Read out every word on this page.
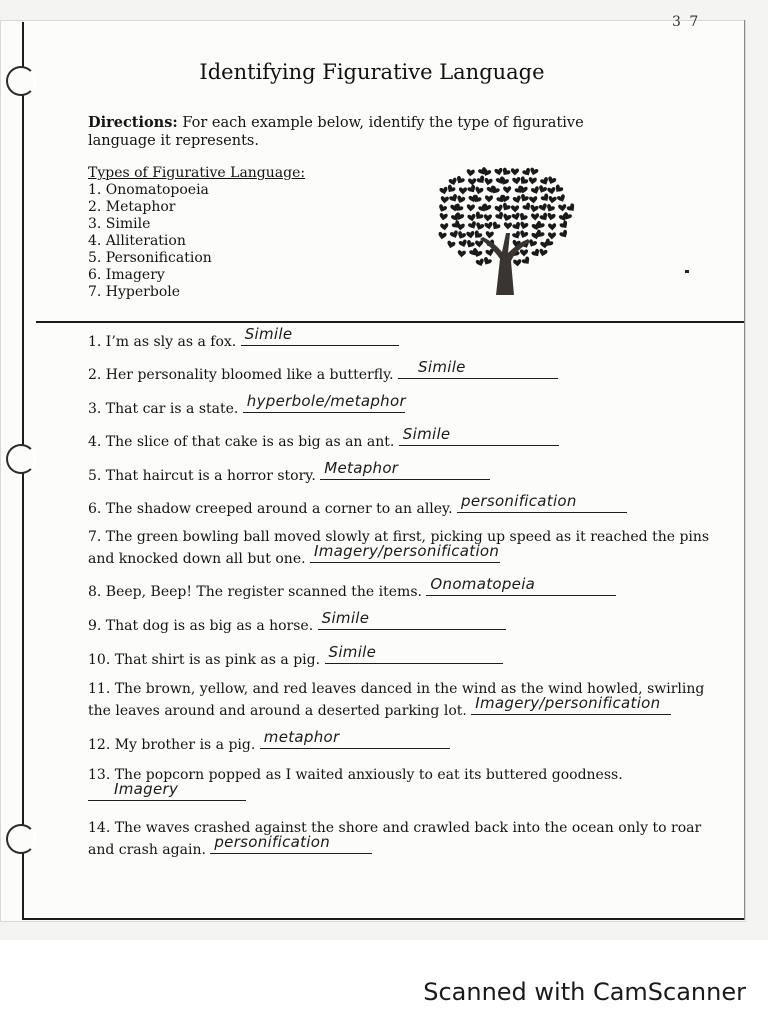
3 7
Identifying Figurative Language
Directions: For each example below, identify the type of figurative language it represents.
Types of Figurative Language:
1. Onomatopoeia
2. Metaphor
3. Simile
4. Alliteration
5. Personification
6. Imagery
7. Hyperbole
1. I’m as sly as a fox. Simile
2. Her personality bloomed like a butterfly. Simile
3. That car is a state. hyperbole/metaphor
4. The slice of that cake is as big as an ant. Simile
5. That haircut is a horror story. Metaphor
6. The shadow creeped around a corner to an alley. personification
7. The green bowling ball moved slowly at first, picking up speed as it reached the pins
and knocked down all but one. Imagery/personification
8. Beep, Beep! The register scanned the items. Onomatopeia
9. That dog is as big as a horse. Simile
10. That shirt is as pink as a pig. Simile
11. The brown, yellow, and red leaves danced in the wind as the wind howled, swirling
the leaves around and around a deserted parking lot. Imagery/personification
12. My brother is a pig. metaphor
13. The popcorn popped as I waited anxiously to eat its buttered goodness.

Imagery
14. The waves crashed against the shore and crawled back into the ocean only to roar
and crash again. personification
Scanned with CamScanner
